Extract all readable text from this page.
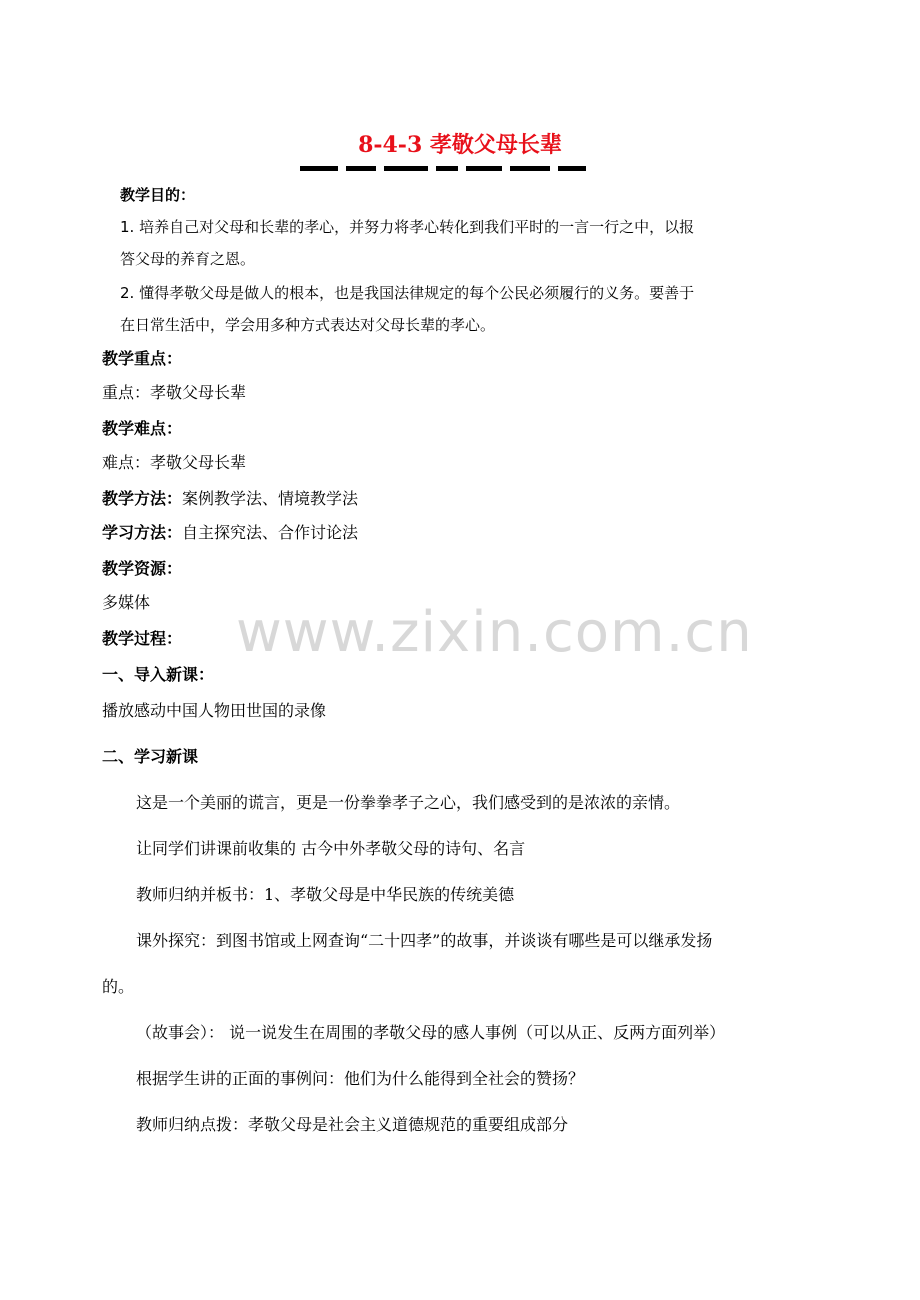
www.zixin.com.cn
8-4-3 孝敬父母长辈
教学目的：
1. 培养自己对父母和长辈的孝心，并努力将孝心转化到我们平时的一言一行之中，以报
答父母的养育之恩。
2. 懂得孝敬父母是做人的根本，也是我国法律规定的每个公民必须履行的义务。要善于
在日常生活中，学会用多种方式表达对父母长辈的孝心。
教学重点：
重点：孝敬父母长辈
教学难点：
难点：孝敬父母长辈
教学方法：案例教学法、情境教学法
学习方法：自主探究法、合作讨论法
教学资源：
多媒体
教学过程：
一、导入新课：
播放感动中国人物田世国的录像
二、学习新课
这是一个美丽的谎言，更是一份拳拳孝子之心，我们感受到的是浓浓的亲情。
让同学们讲课前收集的 古今中外孝敬父母的诗句、名言
教师归纳并板书：1、孝敬父母是中华民族的传统美德
课外探究：到图书馆或上网查询“二十四孝”的故事，并谈谈有哪些是可以继承发扬
的。
（故事会）： 说一说发生在周围的孝敬父母的感人事例（可以从正、反两方面列举）
根据学生讲的正面的事例问：他们为什么能得到全社会的赞扬？
教师归纳点拨：孝敬父母是社会主义道德规范的重要组成部分
